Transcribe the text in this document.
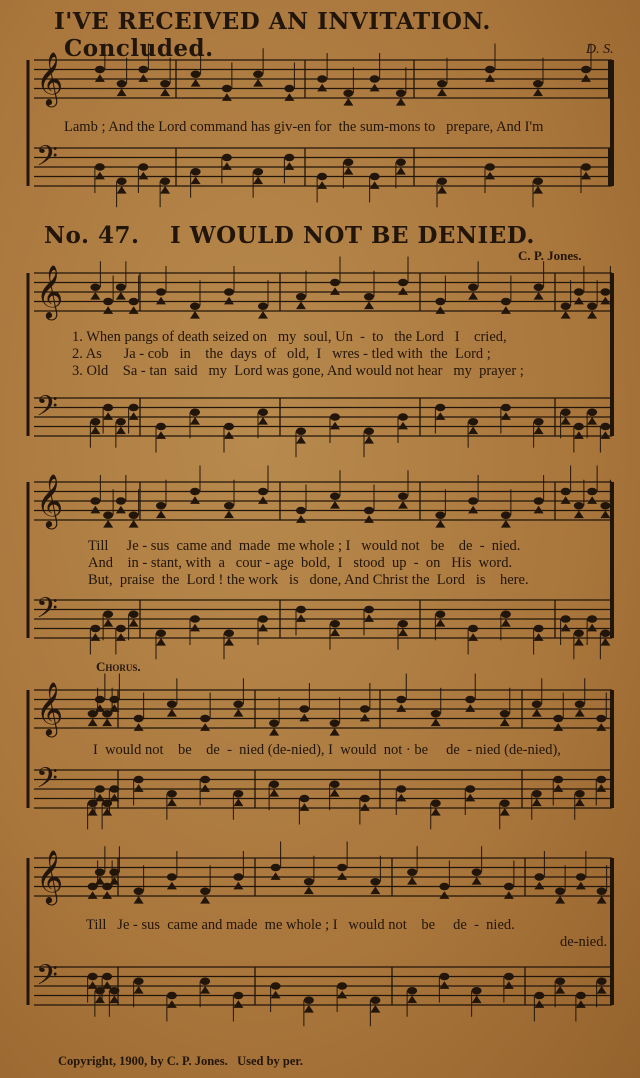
I'VE RECEIVED AN INVITATION. Concluded.	D. S.
Lamb ; And the Lord command has giv-en for  the sum-mons to   prepare, And I'm
No. 47. I WOULD NOT BE DENIED.
C. P. Jones.
1. When pangs of death seized on   my  soul, Un  -  to   the Lord   I    cried,
2. As      Ja - cob   in    the  days  of   old,  I   wres - tled with  the  Lord ;
3. Old    Sa - tan  said   my  Lord was gone, And would not hear   my  prayer ;
Till     Je - sus  came and  made  me whole ; I   would not   be    de  -  nied.
And    in - stant, with  a   cour - age  bold,  I   stood  up  -  on   His  word.
But,  praise  the  Lord ! the work   is   done, And Christ the  Lord   is    here.
Chorus.
I  would not    be    de  -  nied (de-nied), I  would  not · be     de  - nied (de-nied),
Till   Je - sus  came and made  me whole ; I   would not    be     de  -  nied.
de-nied.
Copyright, 1900, by C. P. Jones.   Used by per.
𝄞
𝄢
𝄞
𝄢
𝄞
𝄢
𝄞
𝄢
𝄞
𝄢
